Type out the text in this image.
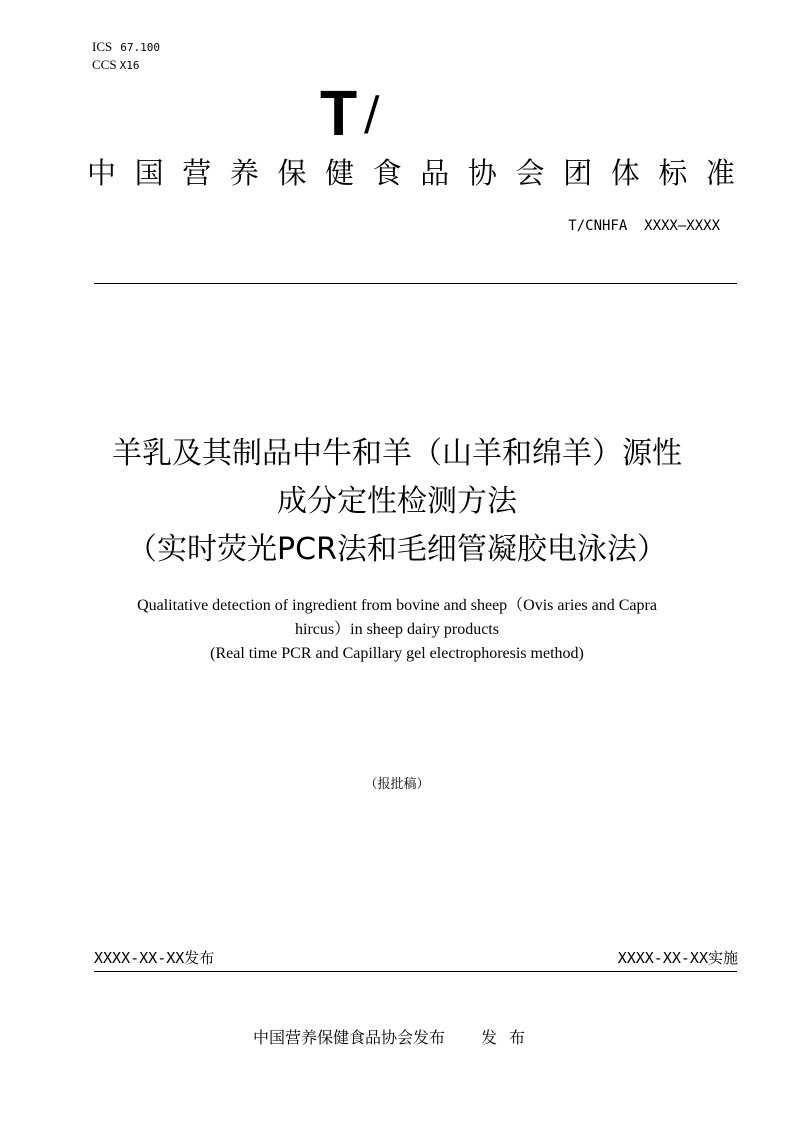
ICS 67.100
CCS X16
T /
中 国 营 养 保 健 食 品 协 会 团 体 标 准
T/CNHFA  XXXX—XXXX
羊乳及其制品中牛和羊（山羊和绵羊）源性
成分定性检测方法
（实时荧光PCR法和毛细管凝胶电泳法）
Qualitative detection of ingredient from bovine and sheep（Ovis aries and Capra
hircus）in sheep dairy products
(Real time PCR and Capillary gel electrophoresis method)
（报批稿）
XXXX-XX-XX发布	XXXX-XX-XX实施
中国营养保健食品协会发布 发布
